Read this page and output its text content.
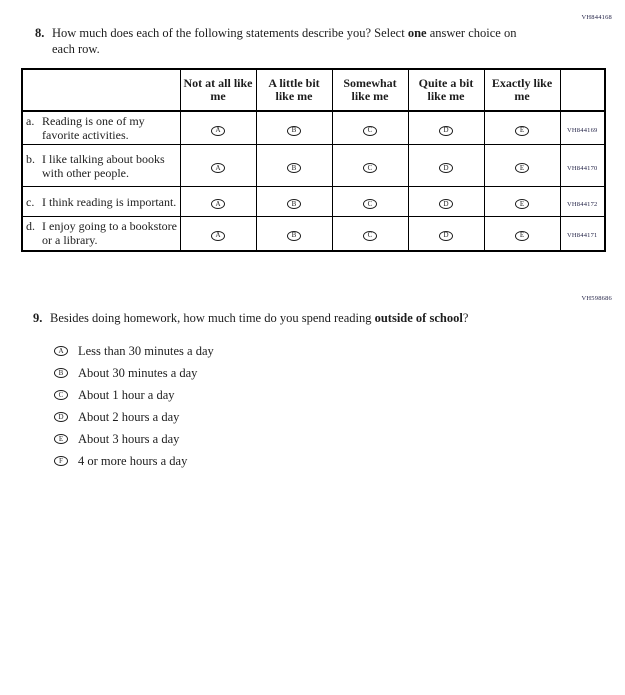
VH844168
8. How much does each of the following statements describe you? Select one answer choice on each row.
	Not at all like me	A little bit like me	Somewhat like me	Quite a bit like me	Exactly like me	

a. Reading is one of my favorite activities.	A	B	C	D	E	VH844169

b. I like talking about books with other people.	A	B	C	D	E	VH844170

c. I think reading is important.	A	B	C	D	E	VH844172

d. I enjoy going to a bookstore or a library.	A	B	C	D	E	VH844171
VH598686
9. Besides doing homework, how much time do you spend reading outside of school?
A	Less than 30 minutes a day
B	About 30 minutes a day
C	About 1 hour a day
D	About 2 hours a day
E	About 3 hours a day
F	4 or more hours a day
